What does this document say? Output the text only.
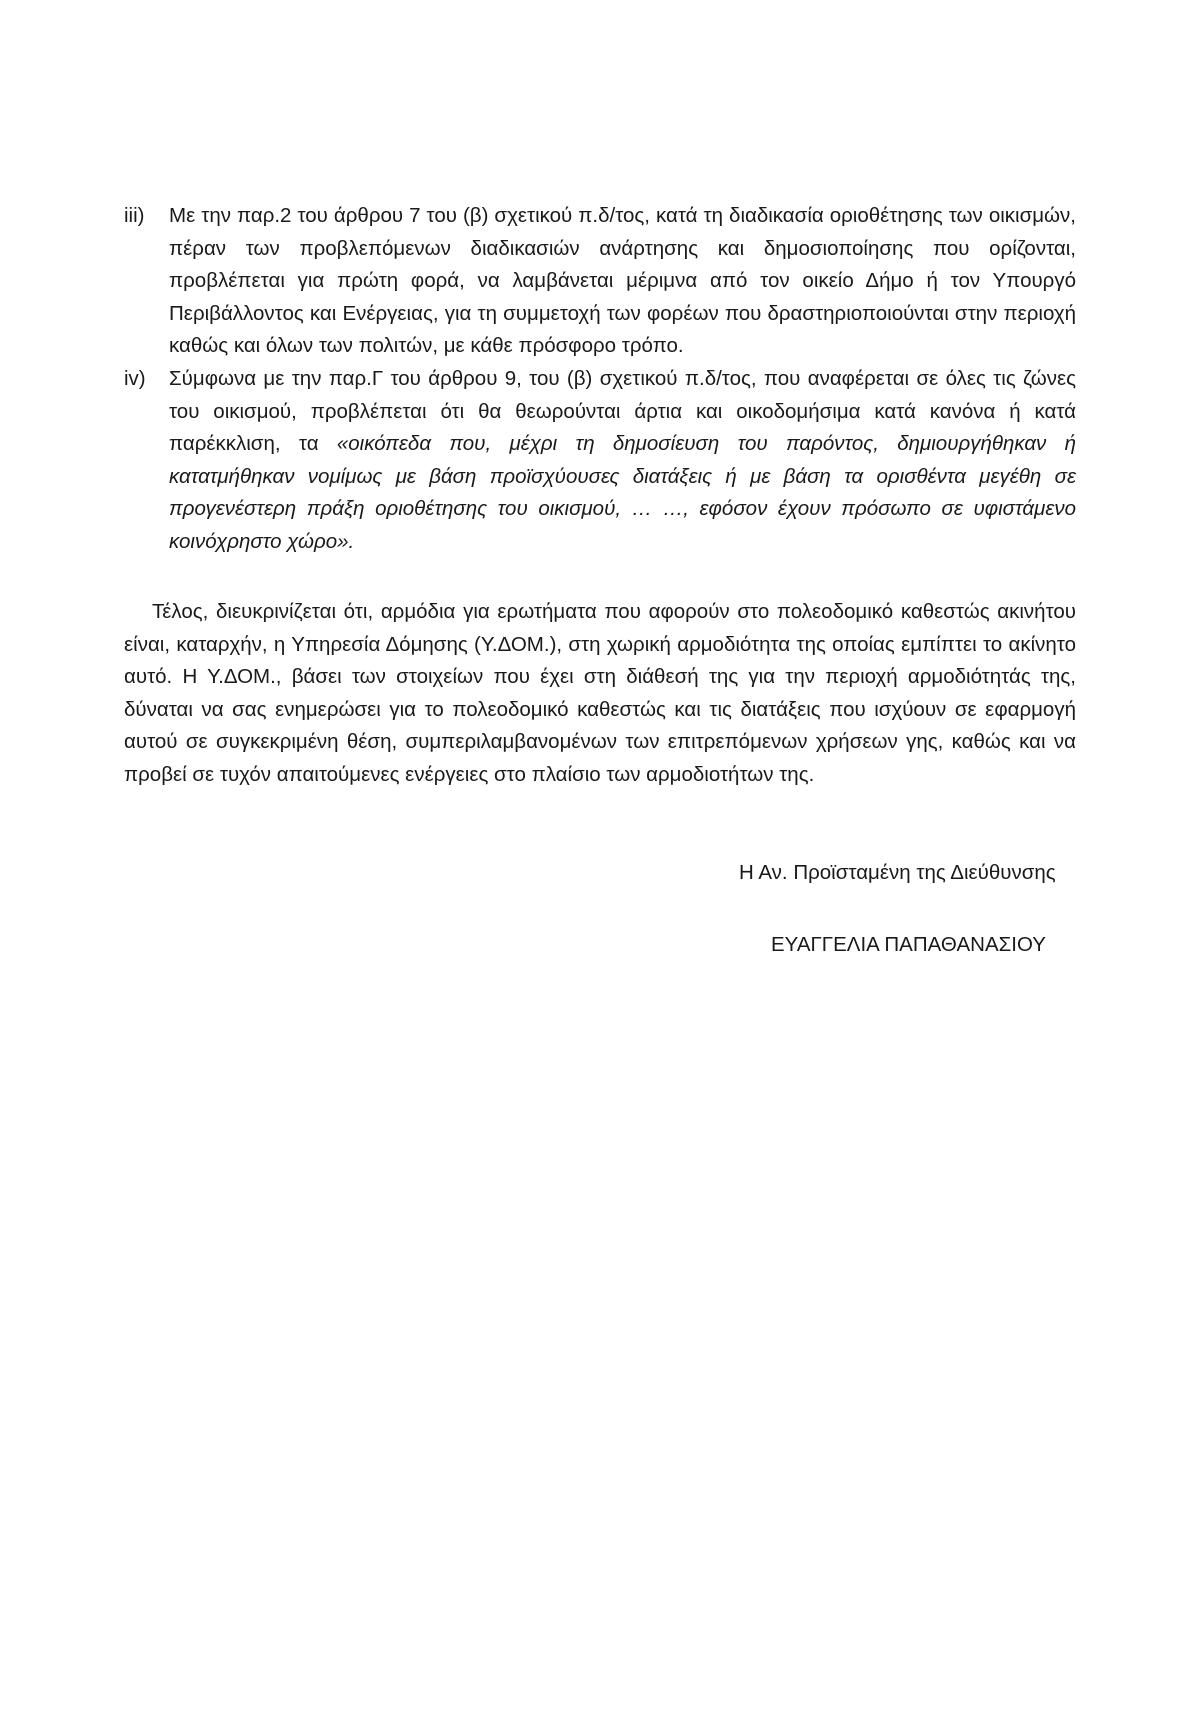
iii) Με την παρ.2 του άρθρου 7 του (β) σχετικού π.δ/τος, κατά τη διαδικασία οριοθέτησης των οικισμών, πέραν των προβλεπόμενων διαδικασιών ανάρτησης και δημοσιοποίησης που ορίζονται, προβλέπεται για πρώτη φορά, να λαμβάνεται μέριμνα από τον οικείο Δήμο ή τον Υπουργό Περιβάλλοντος και Ενέργειας, για τη συμμετοχή των φορέων που δραστηριοποιούνται στην περιοχή καθώς και όλων των πολιτών, με κάθε πρόσφορο τρόπο.
iv) Σύμφωνα με την παρ.Γ του άρθρου 9, του (β) σχετικού π.δ/τος, που αναφέρεται σε όλες τις ζώνες του οικισμού, προβλέπεται ότι θα θεωρούνται άρτια και οικοδομήσιμα κατά κανόνα ή κατά παρέκκλιση, τα «οικόπεδα που, μέχρι τη δημοσίευση του παρόντος, δημιουργήθηκαν ή κατατμήθηκαν νομίμως με βάση προϊσχύουσες διατάξεις ή με βάση τα ορισθέντα μεγέθη σε προγενέστερη πράξη οριοθέτησης του οικισμού, … …, εφόσον έχουν πρόσωπο σε υφιστάμενο κοινόχρηστο χώρο».
Τέλος, διευκρινίζεται ότι, αρμόδια για ερωτήματα που αφορούν στο πολεοδομικό καθεστώς ακινήτου είναι, καταρχήν, η Υπηρεσία Δόμησης (Υ.ΔΟΜ.), στη χωρική αρμοδιότητα της οποίας εμπίπτει το ακίνητο αυτό. Η Υ.ΔΟΜ., βάσει των στοιχείων που έχει στη διάθεσή της για την περιοχή αρμοδιότητάς της, δύναται να σας ενημερώσει για το πολεοδομικό καθεστώς και τις διατάξεις που ισχύουν σε εφαρμογή αυτού σε συγκεκριμένη θέση, συμπεριλαμβανομένων των επιτρεπόμενων χρήσεων γης, καθώς και να προβεί σε τυχόν απαιτούμενες ενέργειες στο πλαίσιο των αρμοδιοτήτων της.
Η Αν. Προϊσταμένη της Διεύθυνσης
ΕΥΑΓΓΕΛΙΑ ΠΑΠΑΘΑΝΑΣΙΟΥ
